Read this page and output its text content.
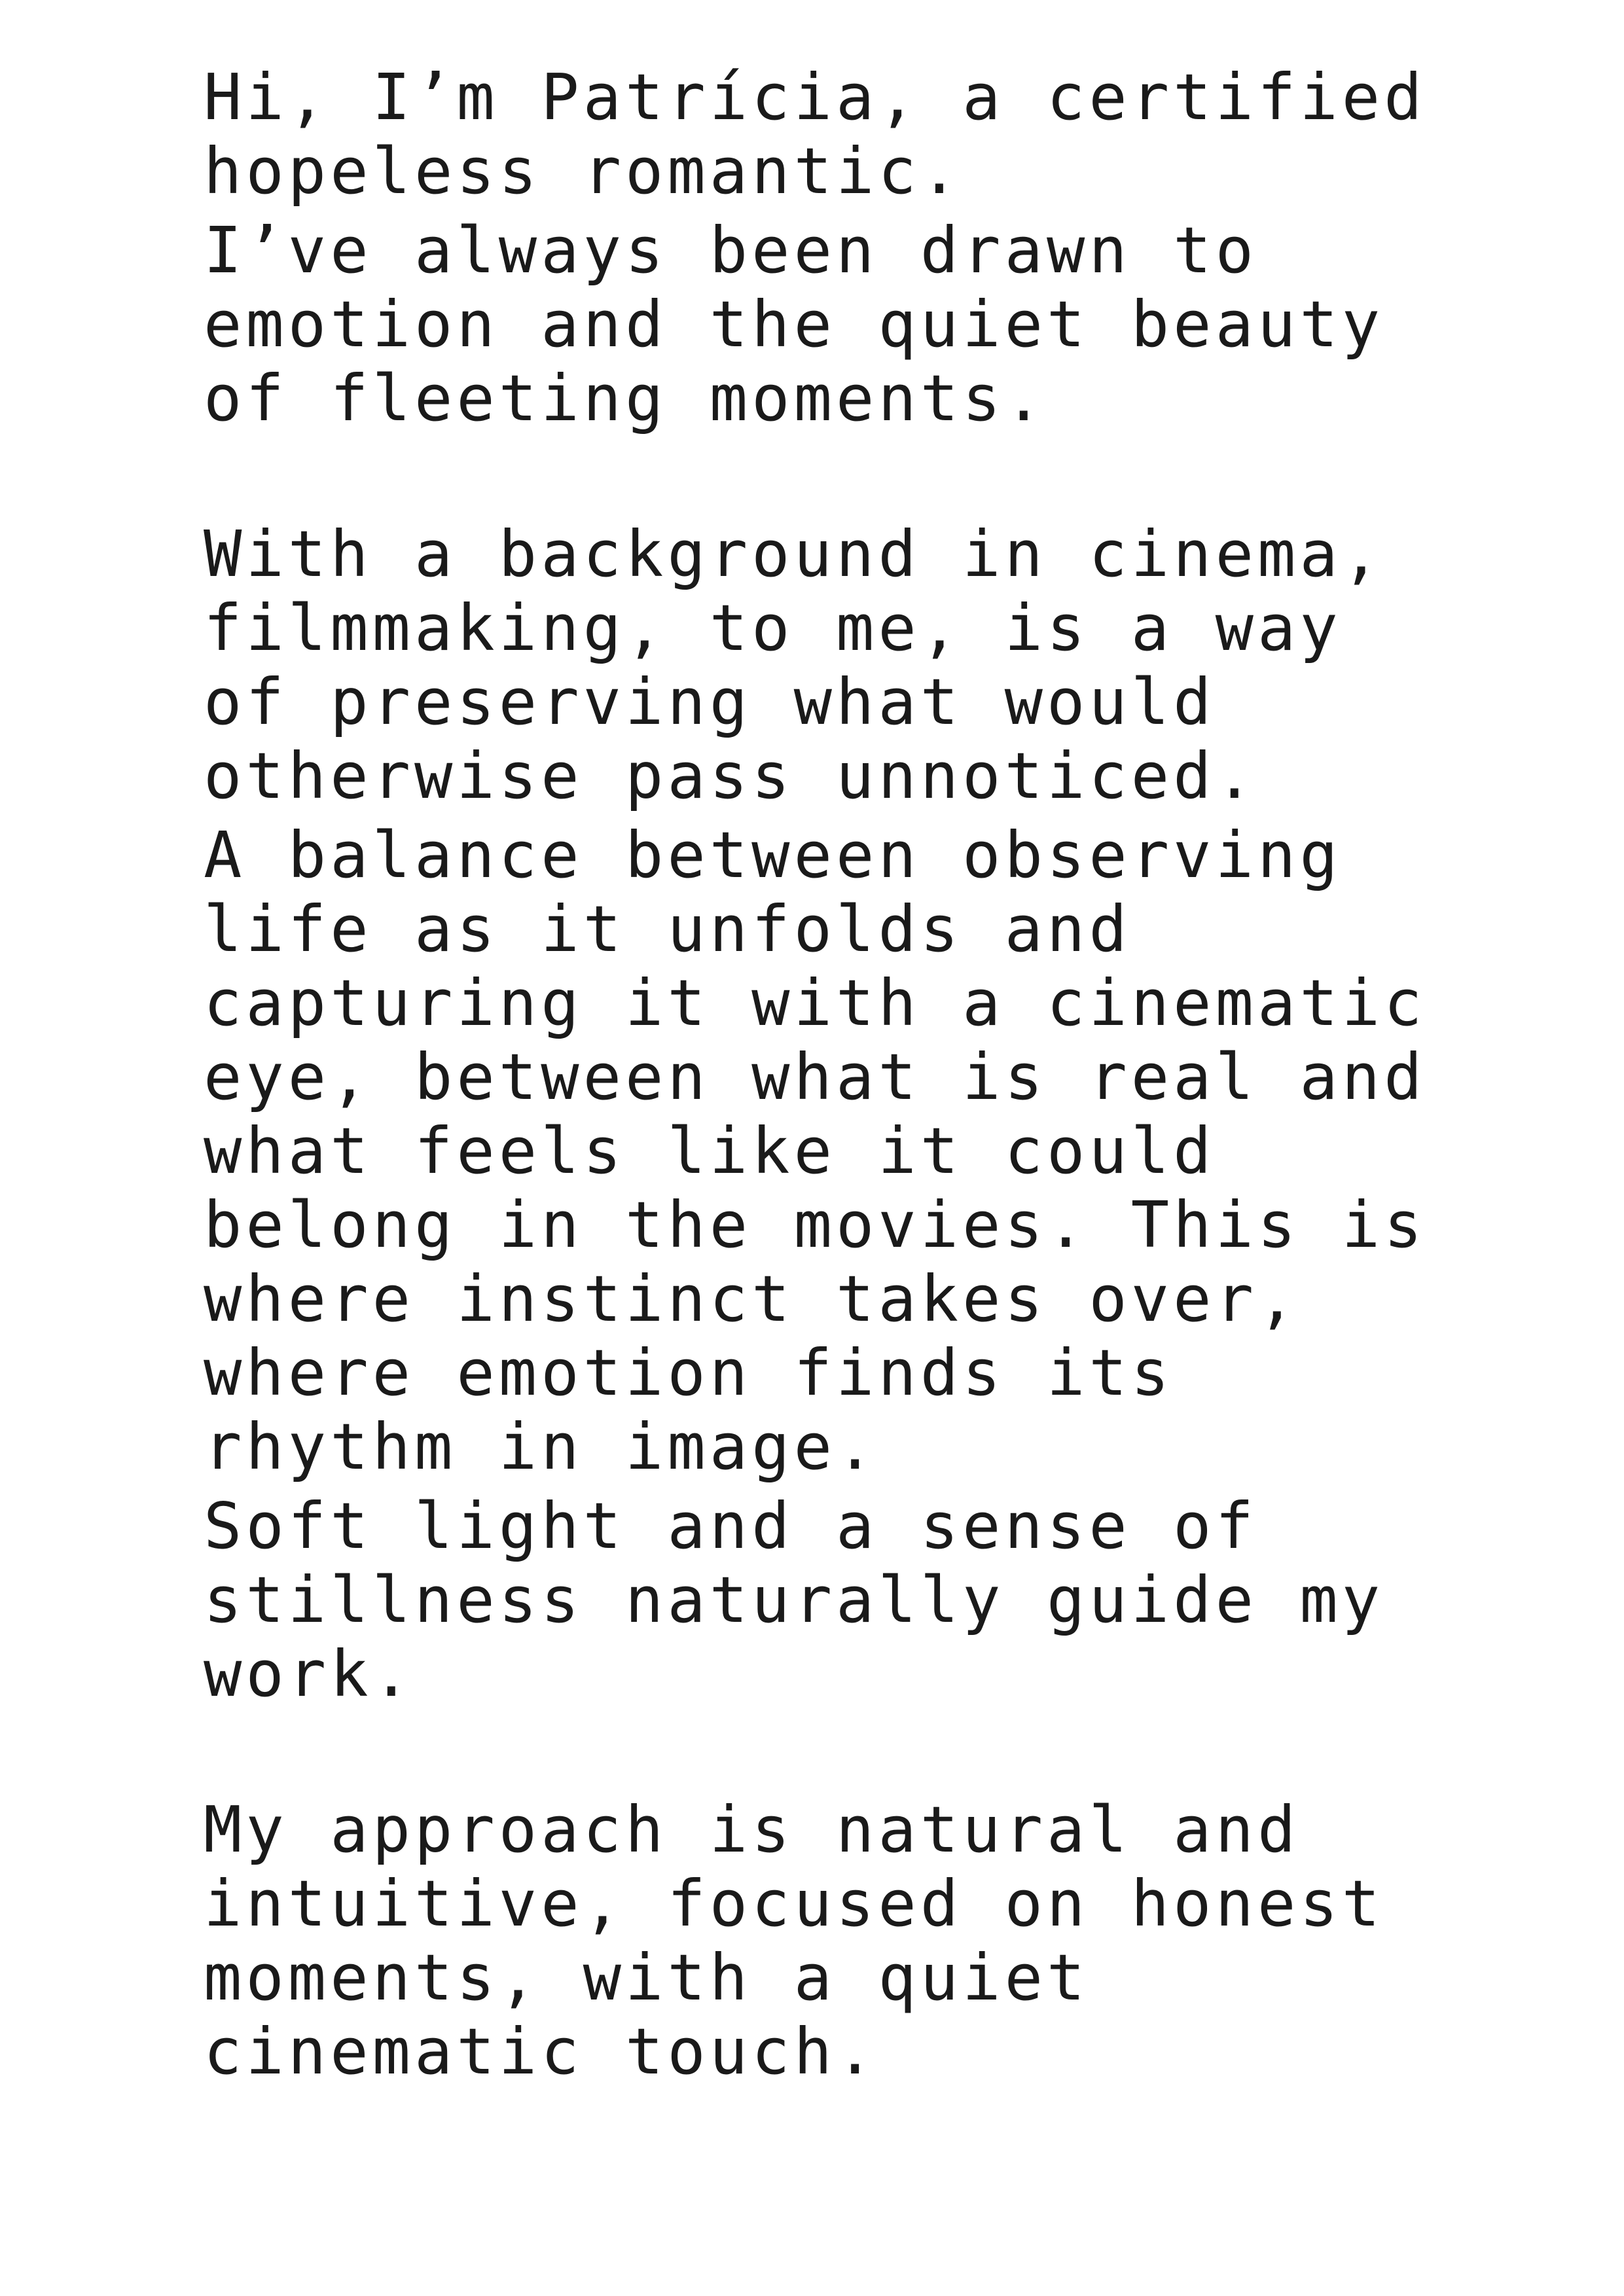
Hi, I’m Patrícia, a certified
hopeless romantic.

I’ve always been drawn to
emotion and the quiet beauty
of fleeting moments.

With a background in cinema,
filmmaking, to me, is a way
of preserving what would
otherwise pass unnoticed.

A balance between observing
life as it unfolds and
capturing it with a cinematic
eye, between what is real and
what feels like it could
belong in the movies. This is
where instinct takes over,
where emotion finds its
rhythm in image.

Soft light and a sense of
stillness naturally guide my
work.

My approach is natural and
intuitive, focused on honest
moments, with a quiet
cinematic touch.
